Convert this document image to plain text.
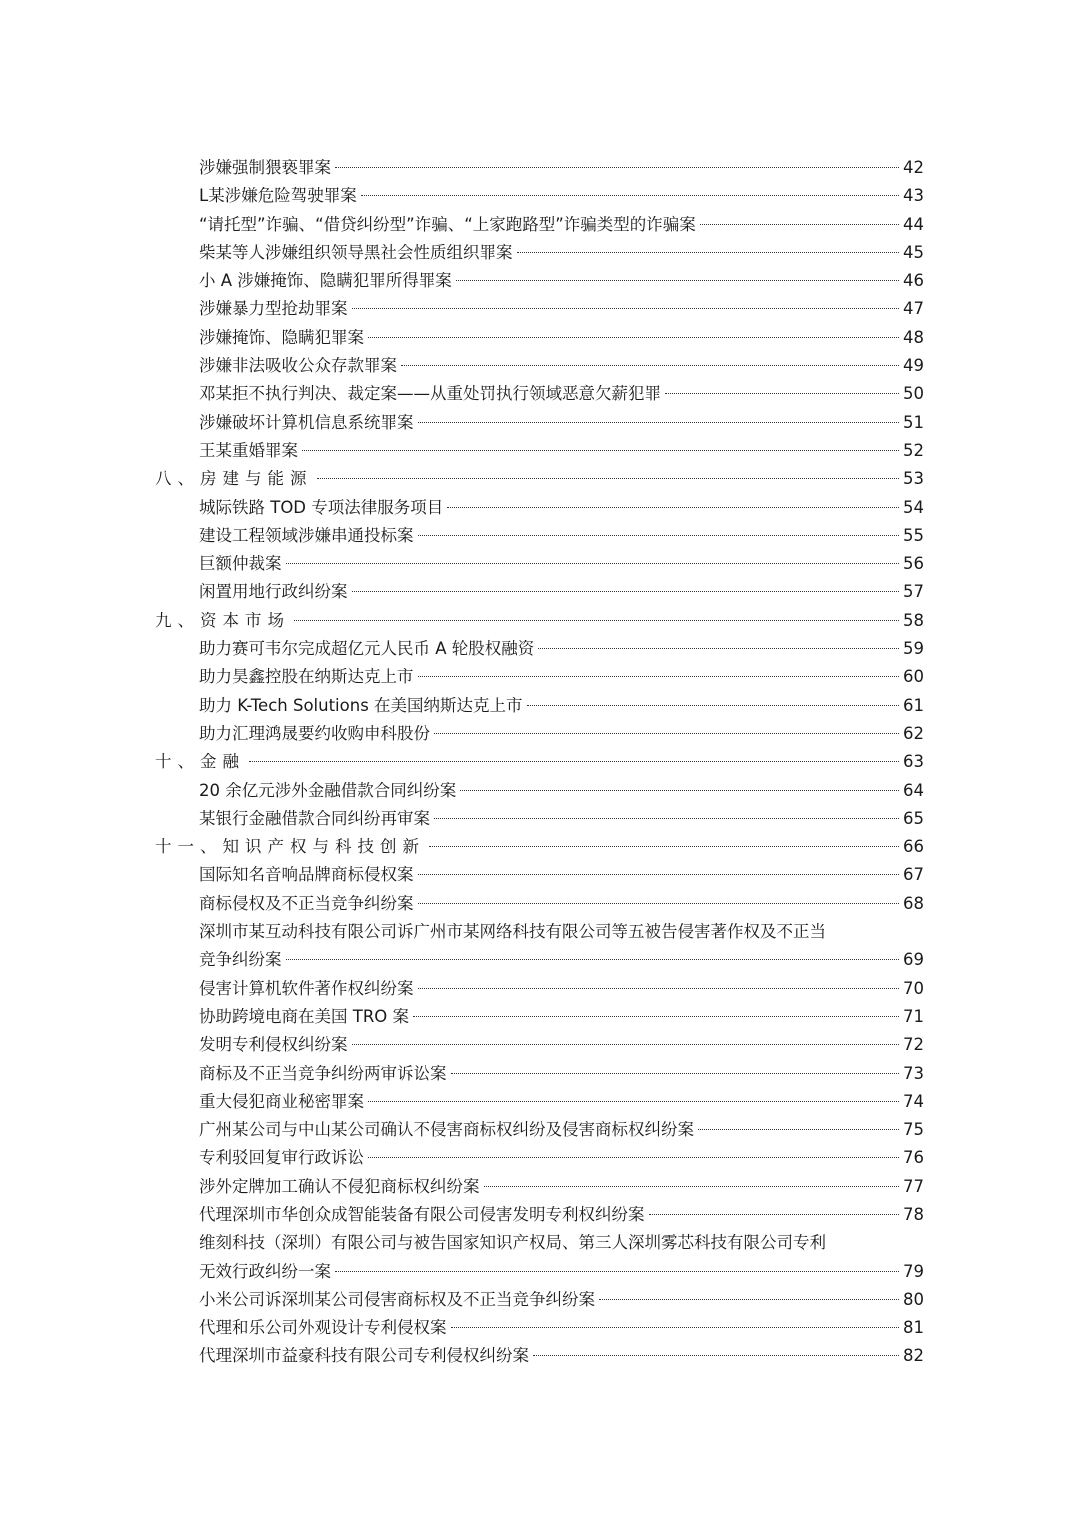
涉嫌强制猥亵罪案	42
L某涉嫌危险驾驶罪案	43
“请托型”诈骗、“借贷纠纷型”诈骗、“上家跑路型”诈骗类型的诈骗案	44
柴某等人涉嫌组织领导黑社会性质组织罪案	45
小 A 涉嫌掩饰、隐瞒犯罪所得罪案	46
涉嫌暴力型抢劫罪案	47
涉嫌掩饰、隐瞒犯罪案	48
涉嫌非法吸收公众存款罪案	49
邓某拒不执行判决、裁定案——从重处罚执行领域恶意欠薪犯罪	50
涉嫌破坏计算机信息系统罪案	51
王某重婚罪案	52
八、房建与能源	53
城际铁路 TOD 专项法律服务项目	54
建设工程领域涉嫌串通投标案	55
巨额仲裁案	56
闲置用地行政纠纷案	57
九、资本市场	58
助力赛可韦尔完成超亿元人民币 A 轮股权融资	59
助力昊鑫控股在纳斯达克上市	60
助力 K-Tech Solutions 在美国纳斯达克上市	61
助力汇理鸿晟要约收购申科股份	62
十、金融	63
20 余亿元涉外金融借款合同纠纷案	64
某银行金融借款合同纠纷再审案	65
十一、知识产权与科技创新	66
国际知名音响品牌商标侵权案	67
商标侵权及不正当竞争纠纷案	68
深圳市某互动科技有限公司诉广州市某网络科技有限公司等五被告侵害著作权及不正当
竞争纠纷案	69
侵害计算机软件著作权纠纷案	70
协助跨境电商在美国 TRO 案	71
发明专利侵权纠纷案	72
商标及不正当竞争纠纷两审诉讼案	73
重大侵犯商业秘密罪案	74
广州某公司与中山某公司确认不侵害商标权纠纷及侵害商标权纠纷案	75
专利驳回复审行政诉讼	76
涉外定牌加工确认不侵犯商标权纠纷案	77
代理深圳市华创众成智能装备有限公司侵害发明专利权纠纷案	78
维刻科技（深圳）有限公司与被告国家知识产权局、第三人深圳雾芯科技有限公司专利
无效行政纠纷一案	79
小米公司诉深圳某公司侵害商标权及不正当竞争纠纷案	80
代理和乐公司外观设计专利侵权案	81
代理深圳市益豪科技有限公司专利侵权纠纷案	82
